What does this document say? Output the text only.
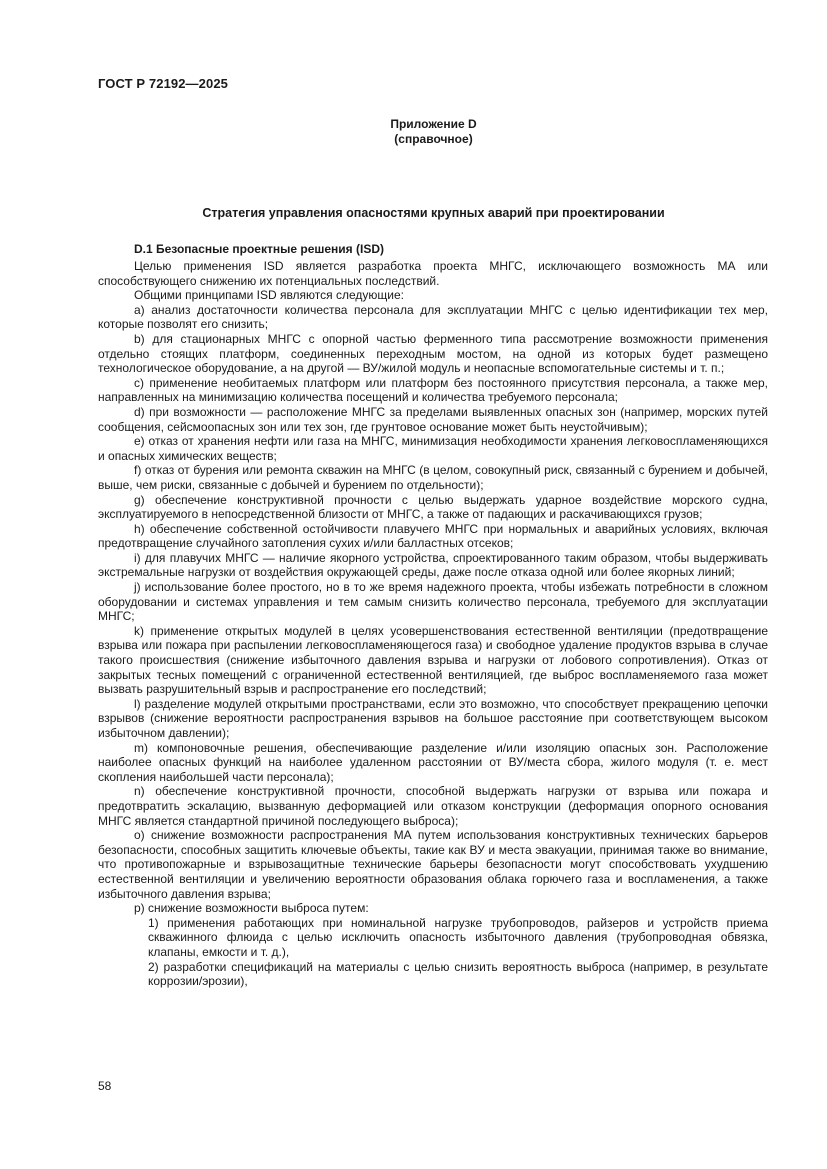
ГОСТ Р 72192—2025
Приложение D
(справочное)
Стратегия управления опасностями крупных аварий при проектировании
D.1 Безопасные проектные решения (ISD)

Целью применения ISD является разработка проекта МНГС, исключающего возможность МА или способствующего снижению их потенциальных последствий.

Общими принципами ISD являются следующие:

a) анализ достаточности количества персонала для эксплуатации МНГС с целью идентификации тех мер, которые позволят его снизить;

b) для стационарных МНГС с опорной частью ферменного типа рассмотрение возможности применения отдельно стоящих платформ, соединенных переходным мостом, на одной из которых будет размещено технологическое оборудование, а на другой — ВУ/жилой модуль и неопасные вспомогательные системы и т. п.;

c) применение необитаемых платформ или платформ без постоянного присутствия персонала, а также мер, направленных на минимизацию количества посещений и количества требуемого персонала;

d) при возможности — расположение МНГС за пределами выявленных опасных зон (например, морских путей сообщения, сейсмоопасных зон или тех зон, где грунтовое основание может быть неустойчивым);

e) отказ от хранения нефти или газа на МНГС, минимизация необходимости хранения легковоспламеняющихся и опасных химических веществ;

f) отказ от бурения или ремонта скважин на МНГС (в целом, совокупный риск, связанный с бурением и добычей, выше, чем риски, связанные с добычей и бурением по отдельности);

g) обеспечение конструктивной прочности с целью выдержать ударное воздействие морского судна, эксплуатируемого в непосредственной близости от МНГС, а также от падающих и раскачивающихся грузов;

h) обеспечение собственной остойчивости плавучего МНГС при нормальных и аварийных условиях, включая предотвращение случайного затопления сухих и/или балластных отсеков;

i) для плавучих МНГС — наличие якорного устройства, спроектированного таким образом, чтобы выдерживать экстремальные нагрузки от воздействия окружающей среды, даже после отказа одной или более якорных линий;

j) использование более простого, но в то же время надежного проекта, чтобы избежать потребности в сложном оборудовании и системах управления и тем самым снизить количество персонала, требуемого для эксплуатации МНГС;

k) применение открытых модулей в целях усовершенствования естественной вентиляции (предотвращение взрыва или пожара при распылении легковоспламеняющегося газа) и свободное удаление продуктов взрыва в случае такого происшествия (снижение избыточного давления взрыва и нагрузки от лобового сопротивления). Отказ от закрытых тесных помещений с ограниченной естественной вентиляцией, где выброс воспламеняемого газа может вызвать разрушительный взрыв и распространение его последствий;

l) разделение модулей открытыми пространствами, если это возможно, что способствует прекращению цепочки взрывов (снижение вероятности распространения взрывов на большое расстояние при соответствующем высоком избыточном давлении);

m) компоновочные решения, обеспечивающие разделение и/или изоляцию опасных зон. Расположение наиболее опасных функций на наиболее удаленном расстоянии от ВУ/места сбора, жилого модуля (т. е. мест скопления наибольшей части персонала);

n) обеспечение конструктивной прочности, способной выдержать нагрузки от взрыва или пожара и предотвратить эскалацию, вызванную деформацией или отказом конструкции (деформация опорного основания МНГС является стандартной причиной последующего выброса);

o) снижение возможности распространения МА путем использования конструктивных технических барьеров безопасности, способных защитить ключевые объекты, такие как ВУ и места эвакуации, принимая также во внимание, что противопожарные и взрывозащитные технические барьеры безопасности могут способствовать ухудшению естественной вентиляции и увеличению вероятности образования облака горючего газа и воспламенения, а также избыточного давления взрыва;

p) снижение возможности выброса путем:

1) применения работающих при номинальной нагрузке трубопроводов, райзеров и устройств приема скважинного флюида с целью исключить опасность избыточного давления (трубопроводная обвязка, клапаны, емкости и т. д.),

2) разработки спецификаций на материалы с целью снизить вероятность выброса (например, в результате коррозии/эрозии),

58
